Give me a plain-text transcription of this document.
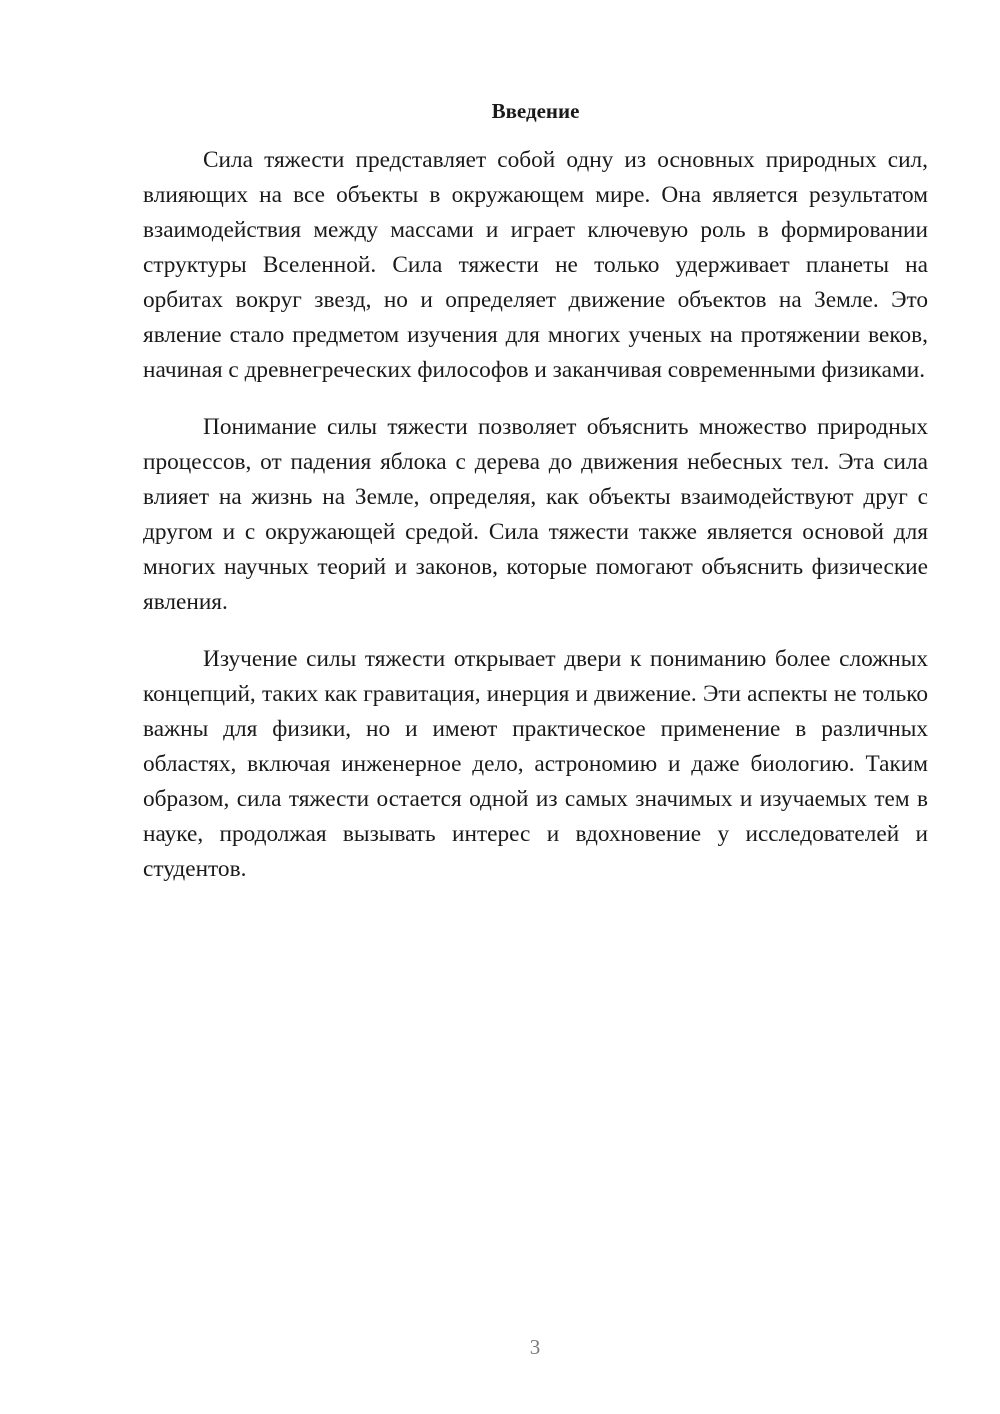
Введение

Сила тяжести представляет собой одну из основных природных сил, влияющих на все объекты в окружающем мире. Она является результатом взаимодействия между массами и играет ключевую роль в формировании структуры Вселенной. Сила тяжести не только удерживает планеты на орбитах вокруг звезд, но и определяет движение объектов на Земле. Это явление стало предметом изучения для многих ученых на протяжении веков, начиная с древнегреческих философов и заканчивая современными физиками.

Понимание силы тяжести позволяет объяснить множество природных процессов, от падения яблока с дерева до движения небесных тел. Эта сила влияет на жизнь на Земле, определяя, как объекты взаимодействуют друг с другом и с окружающей средой. Сила тяжести также является основой для многих научных теорий и законов, которые помогают объяснить физические явления.

Изучение силы тяжести открывает двери к пониманию более сложных концепций, таких как гравитация, инерция и движение. Эти аспекты не только важны для физики, но и имеют практическое применение в различных областях, включая инженерное дело, астрономию и даже биологию. Таким образом, сила тяжести остается одной из самых значимых и изучаемых тем в науке, продолжая вызывать интерес и вдохновение у исследователей и студентов.

3
